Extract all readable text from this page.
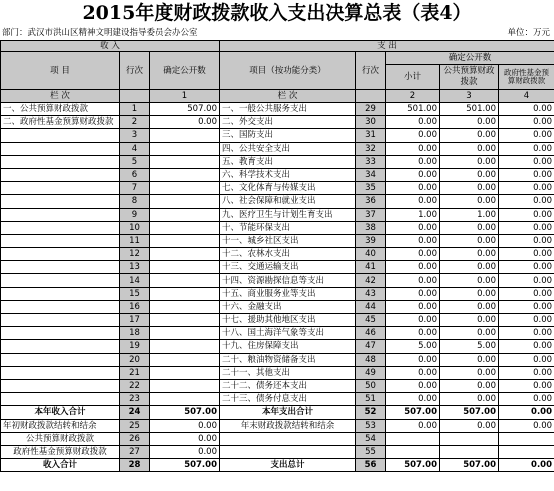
2015年度财政拨款收入支出决算总表（表4）
部门：武汉市洪山区精神文明建设指导委员会办公室	单位：万元
收 入			支 出				
项 目	行次	确定公开数	项目（按功能分类）	行次	确定公开数		
					小计	公共预算财政拨款	政府性基金预算财政拨款
栏 次		1	栏 次		2	3	4
一、公共预算财政拨款	1	507.00	一、一般公共服务支出	29	501.00	501.00	0.00
二、政府性基金预算财政拨款	2	0.00	二、外交支出	30	0.00	0.00	0.00
	3		三、国防支出	31	0.00	0.00	0.00
	4		四、公共安全支出	32	0.00	0.00	0.00
	5		五、教育支出	33	0.00	0.00	0.00
	6		六、科学技术支出	34	0.00	0.00	0.00
	7		七、文化体育与传媒支出	35	0.00	0.00	0.00
	8		八、社会保障和就业支出	36	0.00	0.00	0.00
	9		九、医疗卫生与计划生育支出	37	1.00	1.00	0.00
	10		十、节能环保支出	38	0.00	0.00	0.00
	11		十一、城乡社区支出	39	0.00	0.00	0.00
	12		十二、农林水支出	40	0.00	0.00	0.00
	13		十三、交通运输支出	41	0.00	0.00	0.00
	14		十四、资源勘探信息等支出	42	0.00	0.00	0.00
	15		十五、商业服务业等支出	43	0.00	0.00	0.00
	16		十六、金融支出	44	0.00	0.00	0.00
	17		十七、援助其他地区支出	45	0.00	0.00	0.00
	18		十八、国土海洋气象等支出	46	0.00	0.00	0.00
	19		十九、住房保障支出	47	5.00	5.00	0.00
	20		二十、粮油物资储备支出	48	0.00	0.00	0.00
	21		二十一、其他支出	49	0.00	0.00	0.00
	22		二十二、债务还本支出	50	0.00	0.00	0.00
	23		二十三、债务付息支出	51	0.00	0.00	0.00
本年收入合计	24	507.00	本年支出合计	52	507.00	507.00	0.00
年初财政拨款结转和结余	25	0.00	年末财政拨款结转和结余	53	0.00	0.00	0.00
公共预算财政拨款	26	0.00		54			
政府性基金预算财政拨款	27	0.00		55			
收入合计	28	507.00	支出总计	56	507.00	507.00	0.00
